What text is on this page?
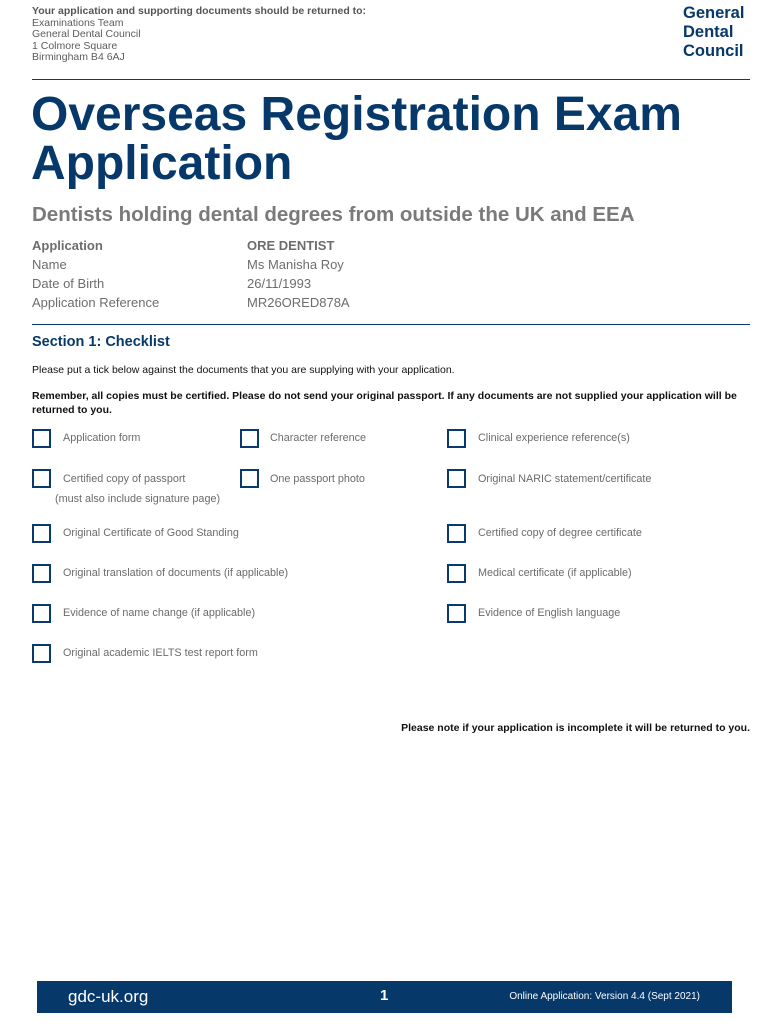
Your application and supporting documents should be returned to:
Examinations Team
General Dental Council
1 Colmore Square
Birmingham B4 6AJ
General
Dental
Council
Overseas Registration Exam
Application
Dentists holding dental degrees from outside the UK and EEA
Application	ORE DENTIST
Name	Ms Manisha Roy
Date of Birth	26/11/1993
Application Reference	MR26ORED878A
Section 1: Checklist
Please put a tick below against the documents that you are supplying with your application.
Remember, all copies must be certified. Please do not send your original passport. If any documents are not supplied your application will be returned to you.
Application form
Certified copy of passport
(must also include signature page)
Original Certificate of Good Standing
Original translation of documents (if applicable)
Evidence of name change (if applicable)
Original academic IELTS test report form
Character reference
One passport photo
Clinical experience reference(s)
Original NARIC statement/certificate
Certified copy of degree certificate
Medical certificate (if applicable)
Evidence of English language
Please note if your application is incomplete it will be returned to you.
gdc-uk.org	1	Online Application: Version 4.4 (Sept 2021)
